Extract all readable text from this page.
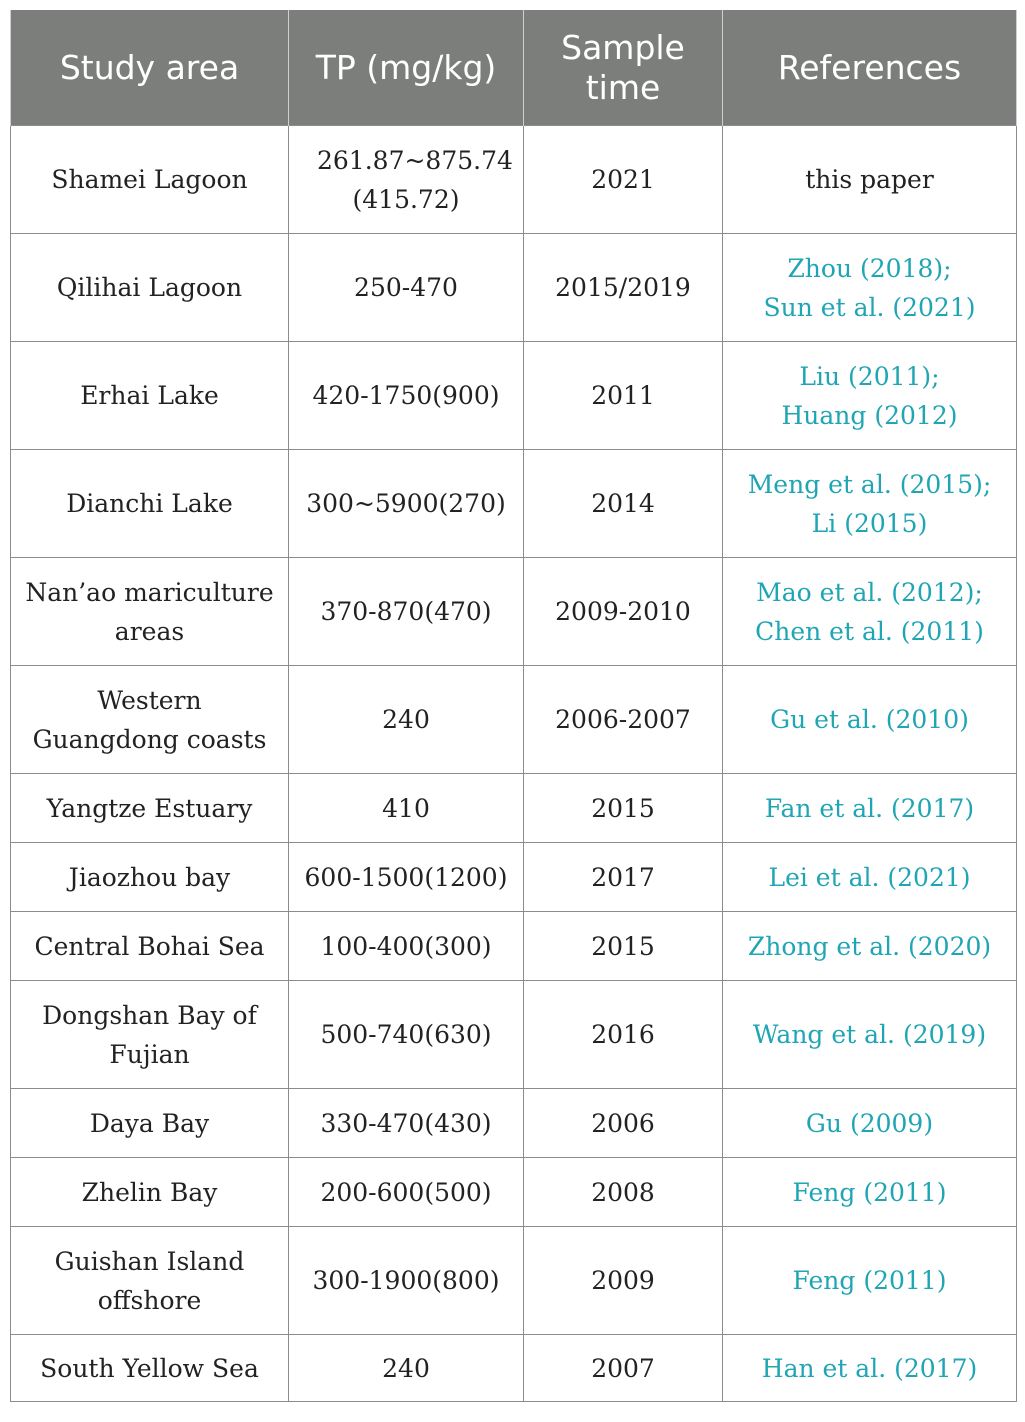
Study area	TP (mg/kg)	Sample time	References
Shamei Lagoon	261.87~875.74 (415.72)	2021	this paper

Qilihai Lagoon	250-470	2015/2019	Zhou (2018);
Sun et al. (2021)

Erhai Lake	420-1750(900)	2011	Liu (2011);
Huang (2012)

Dianchi Lake	300~5900(270)	2014	Meng et al. (2015);
Li (2015)

Nan’ao mariculture areas	370-870(470)	2009-2010	Mao et al. (2012);
Chen et al. (2011)

Western Guangdong coasts	240	2006-2007	Gu et al. (2010)

Yangtze Estuary	410	2015	Fan et al. (2017)

Jiaozhou bay	600-1500(1200)	2017	Lei et al. (2021)

Central Bohai Sea	100-400(300)	2015	Zhong et al. (2020)

Dongshan Bay of Fujian	500-740(630)	2016	Wang et al. (2019)

Daya Bay	330-470(430)	2006	Gu (2009)

Zhelin Bay	200-600(500)	2008	Feng (2011)

Guishan Island offshore	300-1900(800)	2009	Feng (2011)

South Yellow Sea	240	2007	Han et al. (2017)
